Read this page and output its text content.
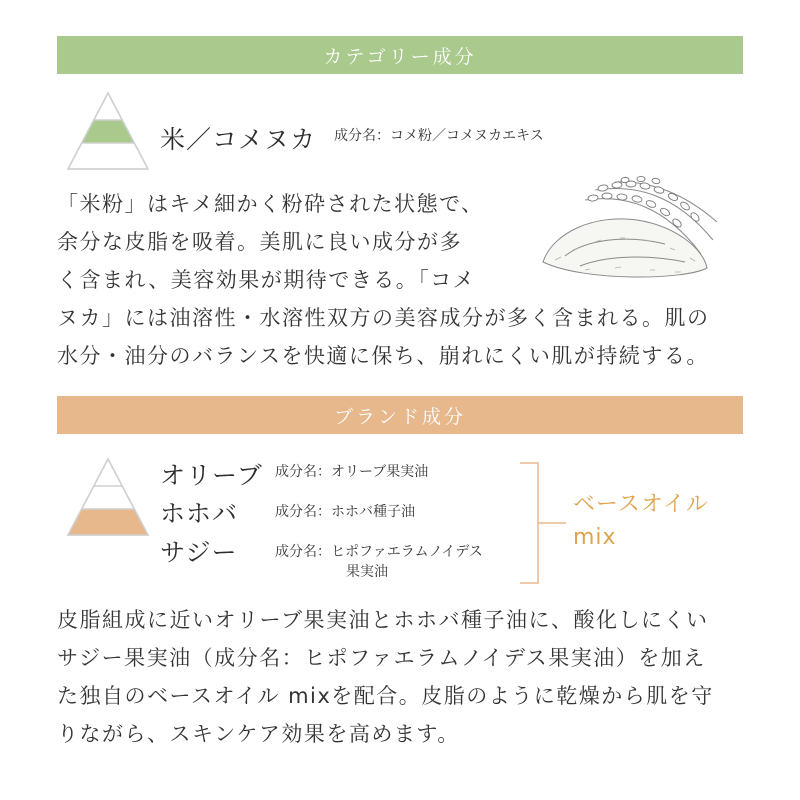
カテゴリー成分
米／コメヌカ 成分名：コメ粉／コメヌカエキス

「米粉」はキメ細かく粉砕された状態で、
余分な皮脂を吸着。美肌に良い成分が多
く含まれ、美容効果が期待できる。「コメ
ヌカ」には油溶性・水溶性双方の美容成分が多く含まれる。肌の
水分・油分のバランスを快適に保ち、崩れにくい肌が持続する。

ブランド成分
オリーブ 成分名：オリーブ果実油
ホホバ	成分名：ホホバ種子油
サジー	成分名：ヒポファエラムノイデス
果実油
ベースオイル
mix

皮脂組成に近いオリーブ果実油とホホバ種子油に、酸化しにくい
サジー果実油（成分名：ヒポファエラムノイデス果実油）を加え
た独自のベースオイル mixを配合。皮脂のように乾燥から肌を守
りながら、スキンケア効果を高めます。
